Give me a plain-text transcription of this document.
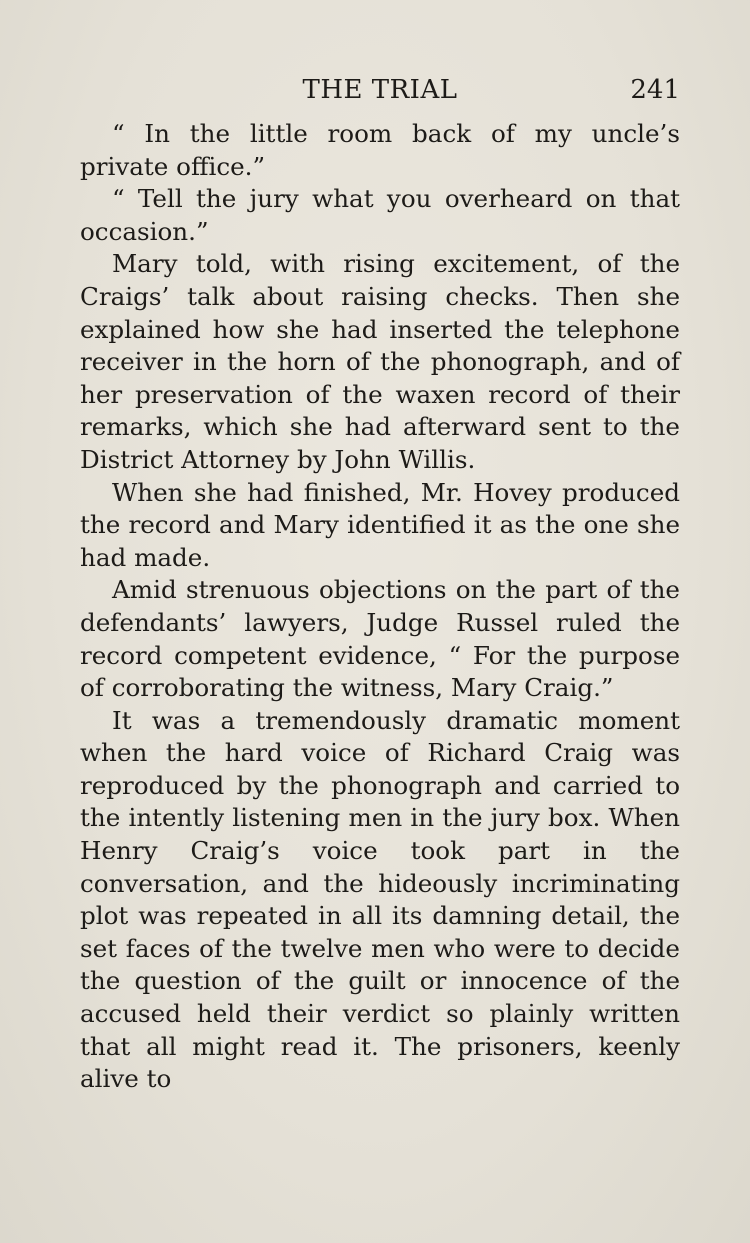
THE TRIAL	241

“ In the little room back of my uncle’s private office.”

“ Tell the jury what you overheard on that occasion.”

Mary told, with rising excitement, of the Craigs’ talk about raising checks. Then she explained how she had inserted the telephone receiver in the horn of the phonograph, and of her preservation of the waxen record of their remarks, which she had afterward sent to the District Attorney by John Willis.

When she had finished, Mr. Hovey produced the record and Mary identified it as the one she had made.

Amid strenuous objections on the part of the defendants’ lawyers, Judge Russel ruled the record competent evidence, “ For the purpose of corroborating the witness, Mary Craig.”

It was a tremendously dramatic moment when the hard voice of Richard Craig was reproduced by the phonograph and carried to the intently listening men in the jury box. When Henry Craig’s voice took part in the conversation, and the hideously incriminating plot was repeated in all its damning detail, the set faces of the twelve men who were to decide the question of the guilt or innocence of the accused held their verdict so plainly written that all might read it. The prisoners, keenly alive to
